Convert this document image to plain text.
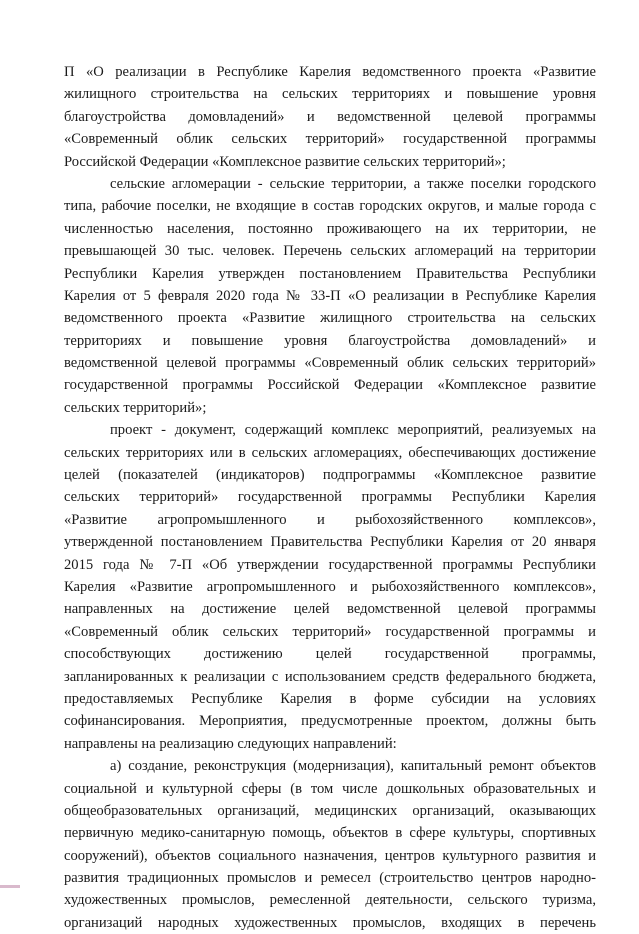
П «О реализации в Республике Карелия ведомственного проекта «Развитие
жилищного строительства на сельских территориях и повышение уровня
благоустройства домовладений» и ведомственной целевой программы
«Современный облик сельских территорий» государственной программы
Российской Федерации «Комплексное развитие сельских территорий»;
сельские агломерации - сельские территории, а также поселки городского
типа, рабочие поселки, не входящие в состав городских округов, и малые города с
численностью населения, постоянно проживающего на их территории, не
превышающей 30 тыс. человек. Перечень сельских агломераций на территории
Республики Карелия утвержден постановлением Правительства Республики
Карелия от 5 февраля 2020 года № 33-П «О реализации в Республике Карелия
ведомственного проекта «Развитие жилищного строительства на сельских
территориях и повышение уровня благоустройства домовладений» и
ведомственной целевой программы «Современный облик сельских территорий»
государственной программы Российской Федерации «Комплексное развитие
сельских территорий»;
проект - документ, содержащий комплекс мероприятий, реализуемых на
сельских территориях или в сельских агломерациях, обеспечивающих достижение
целей (показателей (индикаторов) подпрограммы «Комплексное развитие
сельских территорий» государственной программы Республики Карелия
«Развитие агропромышленного и рыбохозяйственного комплексов»,
утвержденной постановлением Правительства Республики Карелия от 20 января
2015 года № 7-П «Об утверждении государственной программы Республики
Карелия «Развитие агропромышленного и рыбохозяйственного комплексов»,
направленных на достижение целей ведомственной целевой программы
«Современный облик сельских территорий» государственной программы и
способствующих достижению целей государственной программы,
запланированных к реализации с использованием средств федерального бюджета,
предоставляемых Республике Карелия в форме субсидии на условиях
софинансирования. Мероприятия, предусмотренные проектом, должны быть
направлены на реализацию следующих направлений:
а) создание, реконструкция (модернизация), капитальный ремонт объектов
социальной и культурной сферы (в том числе дошкольных образовательных и
общеобразовательных организаций, медицинских организаций, оказывающих
первичную медико-санитарную помощь, объектов в сфере культуры, спортивных
сооружений), объектов социального назначения, центров культурного развития и
развития традиционных промыслов и ремесел (строительство центров народно-
художественных промыслов, ремесленной деятельности, сельского туризма,
организаций народных художественных промыслов, входящих в перечень
